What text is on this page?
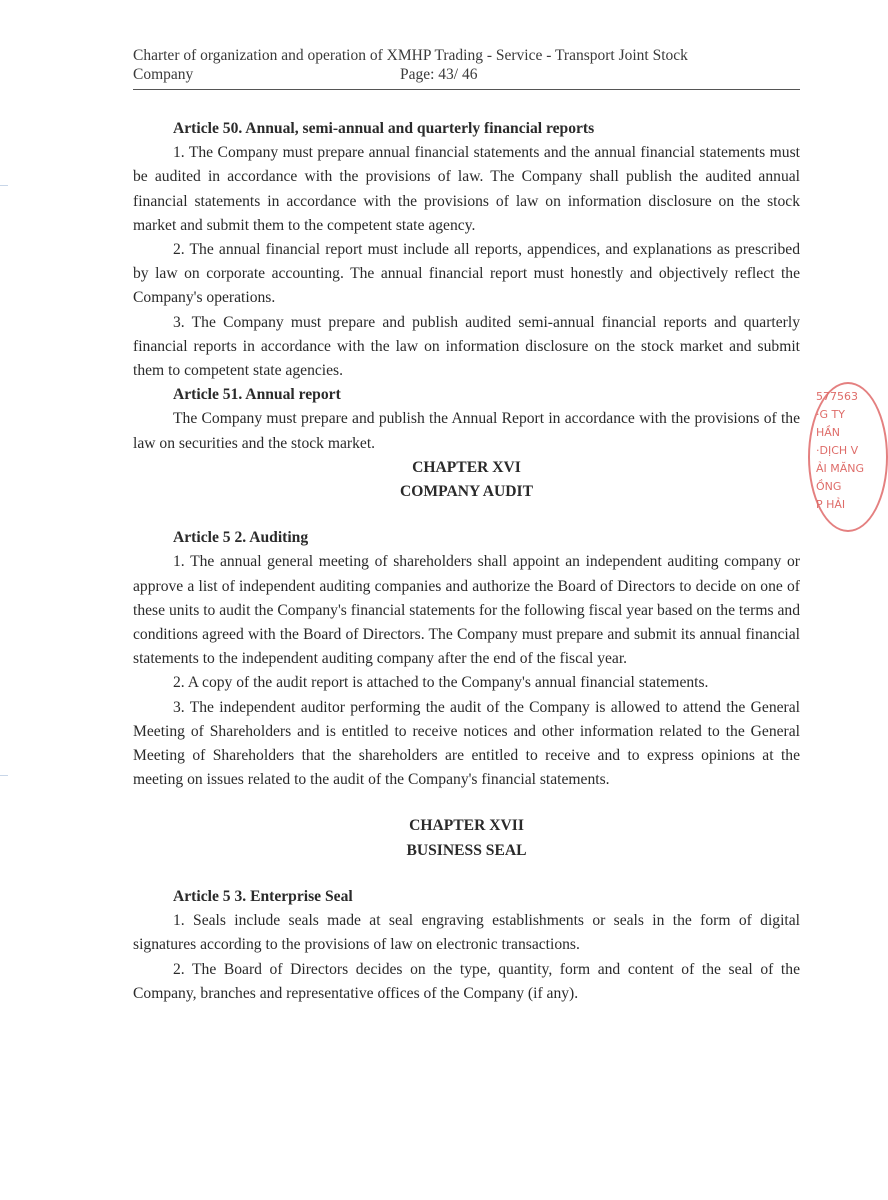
Charter of organization and operation of XMHP Trading - Service - Transport Joint Stock
Company	Page: 43/ 46

Article 50. Annual, semi-annual and quarterly financial reports

1. The Company must prepare annual financial statements and the annual financial statements must be audited in accordance with the provisions of law. The Company shall publish the audited annual financial statements in accordance with the provisions of law on information disclosure on the stock market and submit them to the competent state agency.

2. The annual financial report must include all reports, appendices, and explanations as prescribed by law on corporate accounting. The annual financial report must honestly and objectively reflect the Company's operations.

3. The Company must prepare and publish audited semi-annual financial reports and quarterly financial reports in accordance with the law on information disclosure on the stock market and submit them to competent state agencies.

Article 51. Annual report

The Company must prepare and publish the Annual Report in accordance with the provisions of the law on securities and the stock market.

CHAPTER XVI

COMPANY AUDIT

Article 5 2. Auditing

1. The annual general meeting of shareholders shall appoint an independent auditing company or approve a list of independent auditing companies and authorize the Board of Directors to decide on one of these units to audit the Company's financial statements for the following fiscal year based on the terms and conditions agreed with the Board of Directors. The Company must prepare and submit its annual financial statements to the independent auditing company after the end of the fiscal year.

2. A copy of the audit report is attached to the Company's annual financial statements.

3. The independent auditor performing the audit of the Company is allowed to attend the General Meeting of Shareholders and is entitled to receive notices and other information related to the General Meeting of Shareholders that the shareholders are entitled to receive and to express opinions at the meeting on issues related to the audit of the Company's financial statements.

CHAPTER XVII

BUSINESS SEAL

Article 5 3. Enterprise Seal

1. Seals include seals made at seal engraving establishments or seals in the form of digital signatures according to the provisions of law on electronic transactions.

2. The Board of Directors decides on the type, quantity, form and content of the seal of the Company, branches and representative offices of the Company (if any).

577563
·G TY
HẦN
·DỊCH V
ẢI MĂNG
ỒNG
P HẢI
